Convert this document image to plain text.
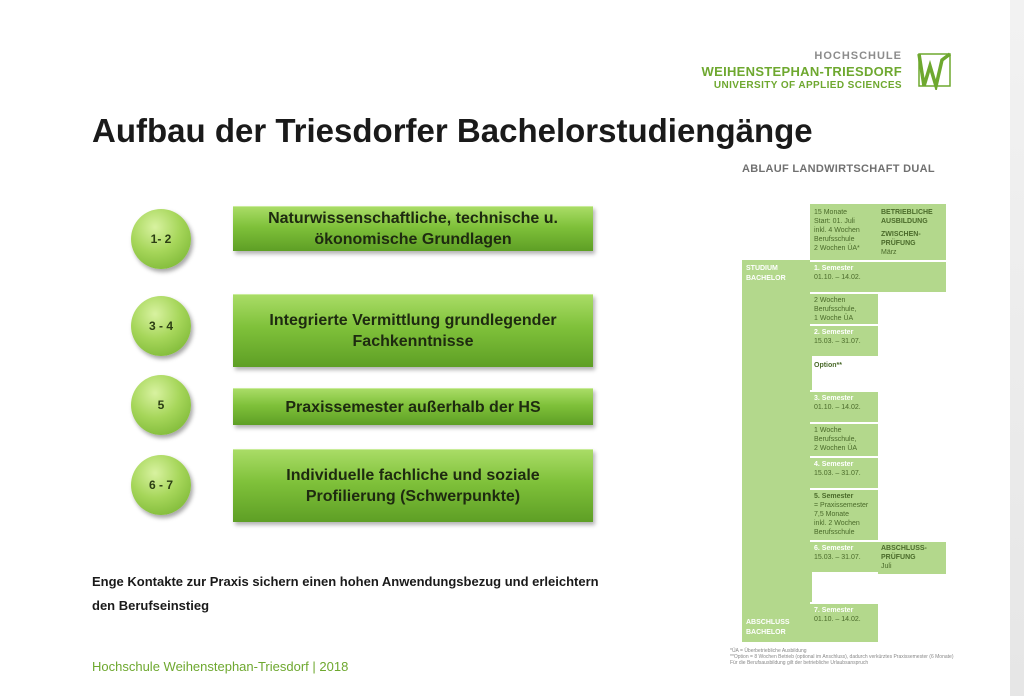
HOCHSCHULE
WEIHENSTEPHAN-TRIESDORF
UNIVERSITY OF APPLIED SCIENCES
Aufbau der Triesdorfer Bachelorstudiengänge
1- 2
Naturwissenschaftliche, technische u.
ökonomische Grundlagen
3 - 4	Integrierte Vermittlung grundlegender
Fachkenntnisse
5	Praxissemester außerhalb der HS
6 - 7
Individuelle fachliche und soziale
Profilierung (Schwerpunkte)
Enge Kontakte zur Praxis sichern einen hohen Anwendungsbezug und erleichtern
den Berufseinstieg
Hochschule Weihenstephan-Triesdorf | 2018
ABLAUF LANDWIRTSCHAFT DUAL
STUDIUM
BACHELOR
ABSCHLUSS
BACHELOR
15 Monate
Start: 01. Juli
inkl. 4 Wochen
Berufsschule
2 Wochen ÜA*
1. Semester
01.10. – 14.02.
2 Wochen
Berufsschule,
1 Woche ÜA
2. Semester
15.03. – 31.07.
Option**
3. Semester
01.10. – 14.02.
1 Woche
Berufsschule,
2 Wochen ÜA
4. Semester
15.03. – 31.07.
5. Semester
= Praxissemester
7,5 Monate
inkl. 2 Wochen
Berufsschule
6. Semester
15.03. – 31.07.
7. Semester
01.10. – 14.02.
BETRIEBLICHE
AUSBILDUNG
ZWISCHEN-
PRÜFUNG
März
ABSCHLUSS-
PRÜFUNG
Juli
*ÜA = Überbetriebliche Ausbildung
**Option = 8 Wochen Betrieb (optional im Anschluss), dadurch verkürztes Praxissemester (6 Monate)
Für die Berufsausbildung gilt der betriebliche Urlaubsanspruch
